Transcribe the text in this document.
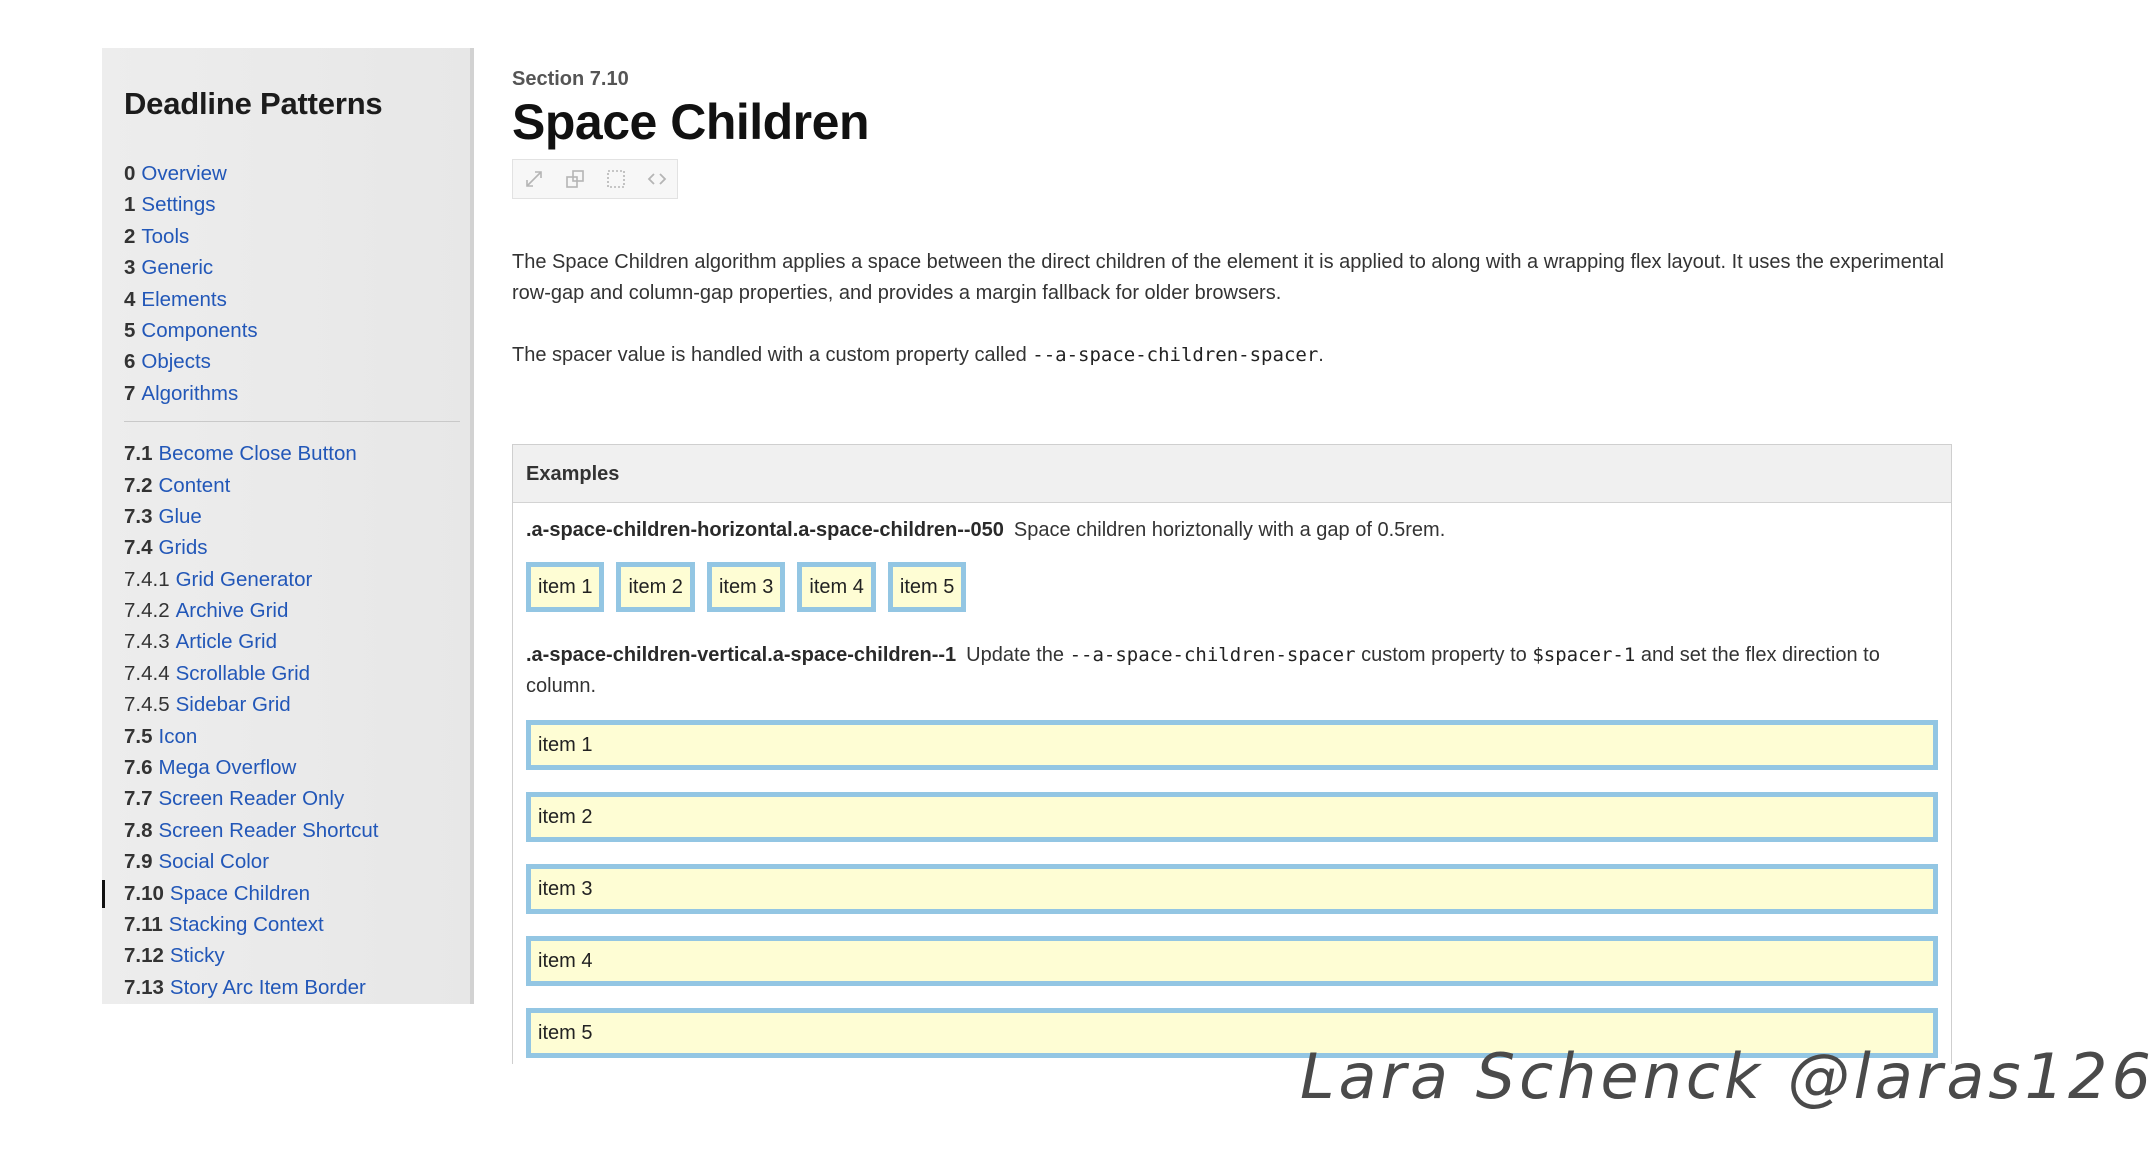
Deadline Patterns
0 Overview
1 Settings
2 Tools
3 Generic
4 Elements
5 Components
6 Objects
7 Algorithms
7.1 Become Close Button
7.2 Content
7.3 Glue
7.4 Grids
7.4.1 Grid Generator
7.4.2 Archive Grid
7.4.3 Article Grid
7.4.4 Scrollable Grid
7.4.5 Sidebar Grid
7.5 Icon
7.6 Mega Overflow
7.7 Screen Reader Only
7.8 Screen Reader Shortcut
7.9 Social Color
7.10 Space Children
7.11 Stacking Context
7.12 Sticky
7.13 Story Arc Item Border
Section 7.10
Space Children

The Space Children algorithm applies a space between the direct children of the element it is applied to along with a wrapping flex layout. It uses the experimental row-gap and column-gap properties, and provides a margin fallback for older browsers.

The spacer value is handled with a custom property called --a-space-children-spacer.

Examples

.a-space-children-horizontal.a-space-children--050 Space children horiztonally with a gap of 0.5rem.

item 1	item 2	item 3	item 4	item 5

.a-space-children-vertical.a-space-children--1 Update the --a-space-children-spacer custom property to $spacer-1 and set the flex direction to column.

item 1
item 2
item 3
item 4
item 5
Lara Schenck @laras126
